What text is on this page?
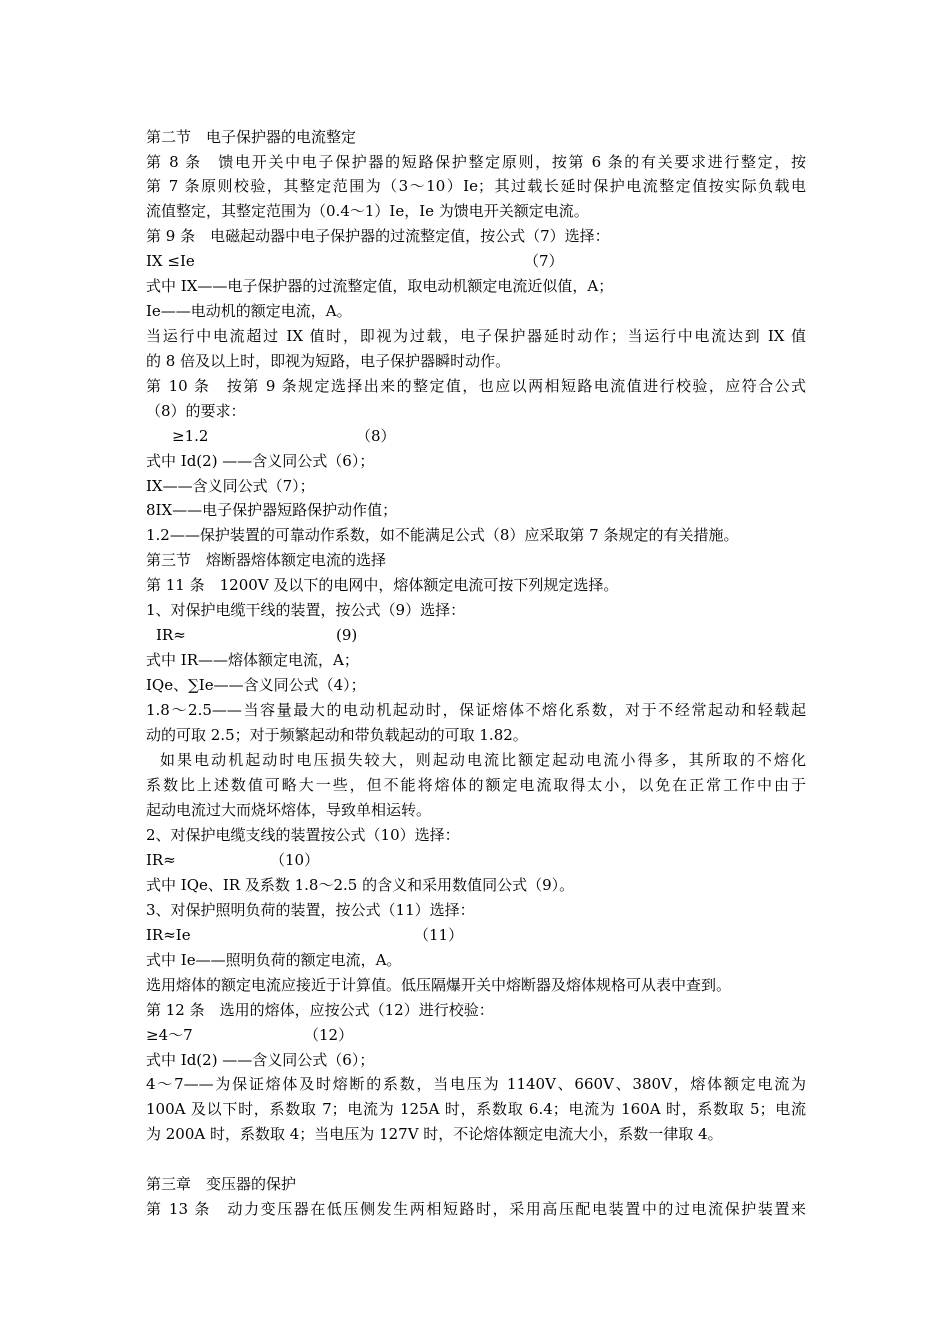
第二节　电子保护器的电流整定
第 8 条　馈电开关中电子保护器的短路保护整定原则，按第 6 条的有关要求进行整定，按
第 7 条原则校验，其整定范围为（3～10）Ie；其过载长延时保护电流整定值按实际负载电
流值整定，其整定范围为（0.4～1）Ie，Ie 为馈电开关额定电流。
第 9 条　电磁起动器中电子保护器的过流整定值，按公式（7）选择：
IX ≤Ie	（7）
式中 IX——电子保护器的过流整定值，取电动机额定电流近似值，A；
Ie——电动机的额定电流，A。
当运行中电流超过 IX 值时，即视为过载，电子保护器延时动作；当运行中电流达到 IX 值
的 8 倍及以上时，即视为短路，电子保护器瞬时动作。
第 10 条　按第 9 条规定选择出来的整定值，也应以两相短路电流值进行校验，应符合公式
（8）的要求：
≥1.2	（8）
式中 Id(2) ——含义同公式（6）；
IX——含义同公式（7）；
8IX——电子保护器短路保护动作值；
1.2——保护装置的可靠动作系数，如不能满足公式（8）应采取第 7 条规定的有关措施。
第三节　熔断器熔体额定电流的选择
第 11 条　1200V 及以下的电网中，熔体额定电流可按下列规定选择。
1、对保护电缆干线的装置，按公式（9）选择：
IR≈	(9)
式中 IR——熔体额定电流，A；
IQe、∑Ie——含义同公式（4）；
1.8～2.5——当容量最大的电动机起动时，保证熔体不熔化系数，对于不经常起动和轻载起
动的可取 2.5；对于频繁起动和带负载起动的可取 1.82。
如果电动机起动时电压损失较大，则起动电流比额定起动电流小得多，其所取的不熔化
系数比上述数值可略大一些，但不能将熔体的额定电流取得太小，以免在正常工作中由于
起动电流过大而烧坏熔体，导致单相运转。
2、对保护电缆支线的装置按公式（10）选择：
IR≈	（10）
式中 IQe、IR 及系数 1.8～2.5 的含义和采用数值同公式（9）。
3、对保护照明负荷的装置，按公式（11）选择：
IR≈Ie	（11）
式中 Ie——照明负荷的额定电流，A。
选用熔体的额定电流应接近于计算值。低压隔爆开关中熔断器及熔体规格可从表中查到。
第 12 条　选用的熔体，应按公式（12）进行校验：
≥4～7	（12）
式中 Id(2) ——含义同公式（6）；
4～7——为保证熔体及时熔断的系数，当电压为 1140V、660V、380V，熔体额定电流为
100A 及以下时，系数取 7；电流为 125A 时，系数取 6.4；电流为 160A 时，系数取 5；电流
为 200A 时，系数取 4；当电压为 127V 时，不论熔体额定电流大小，系数一律取 4。
第三章　变压器的保护
第 13 条　动力变压器在低压侧发生两相短路时，采用高压配电装置中的过电流保护装置来
